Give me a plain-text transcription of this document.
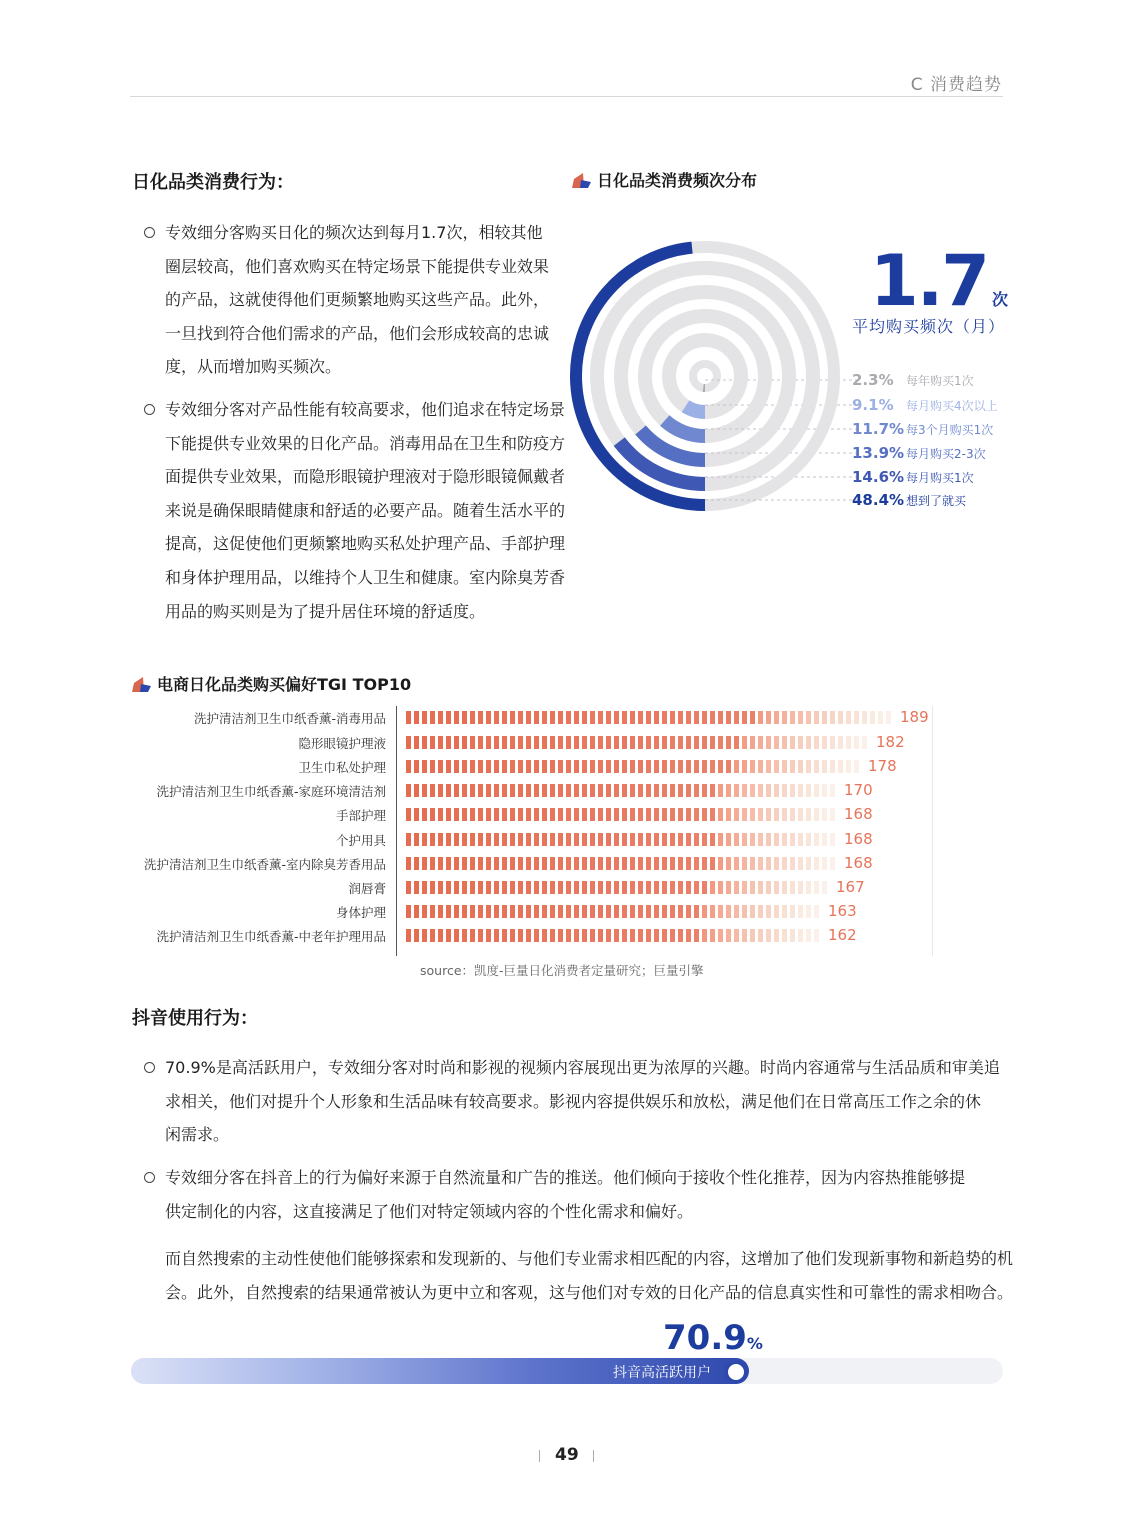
C 消费趋势
日化品类消费行为：
专效细分客购买日化的频次达到每月1.7次，相较其他
圈层较高，他们喜欢购买在特定场景下能提供专业效果
的产品，这就使得他们更频繁地购买这些产品。此外，
一旦找到符合他们需求的产品，他们会形成较高的忠诚
度，从而增加购买频次。
专效细分客对产品性能有较高要求，他们追求在特定场景
下能提供专业效果的日化产品。消毒用品在卫生和防疫方
面提供专业效果，而隐形眼镜护理液对于隐形眼镜佩戴者
来说是确保眼睛健康和舒适的必要产品。随着生活水平的
提高，这促使他们更频繁地购买私处护理产品、手部护理
和身体护理用品，以维持个人卫生和健康。室内除臭芳香
用品的购买则是为了提升居住环境的舒适度。
日化品类消费频次分布
1.7 次
平均购买频次（月）
2.3%	每年购买1次
9.1%	每月购买4次以上
11.7% 每3个月购买1次
13.9% 每月购买2-3次
14.6% 每月购买1次
48.4% 想到了就买
电商日化品类购买偏好TGI TOP10
洗护清洁剂卫生巾纸香薰-消毒用品	189
隐形眼镜护理液	182
卫生巾私处护理	178
洗护清洁剂卫生巾纸香薰-家庭环境清洁剂	170
手部护理	168
个护用具	168
洗护清洁剂卫生巾纸香薰-室内除臭芳香用品	168
润唇膏	167
身体护理	163
洗护清洁剂卫生巾纸香薰-中老年护理用品	162
source：凯度-巨量日化消费者定量研究；巨量引擎
抖音使用行为：
70.9%是高活跃用户，专效细分客对时尚和影视的视频内容展现出更为浓厚的兴趣。时尚内容通常与生活品质和审美追
求相关，他们对提升个人形象和生活品味有较高要求。影视内容提供娱乐和放松，满足他们在日常高压工作之余的休
闲需求。
专效细分客在抖音上的行为偏好来源于自然流量和广告的推送。他们倾向于接收个性化推荐，因为内容热推能够提
供定制化的内容，这直接满足了他们对特定领域内容的个性化需求和偏好。
而自然搜索的主动性使他们能够探索和发现新的、与他们专业需求相匹配的内容，这增加了他们发现新事物和新趋势的机
会。此外，自然搜索的结果通常被认为更中立和客观，这与他们对专效的日化产品的信息真实性和可靠性的需求相吻合。
70.9%
抖音高活跃用户
49
